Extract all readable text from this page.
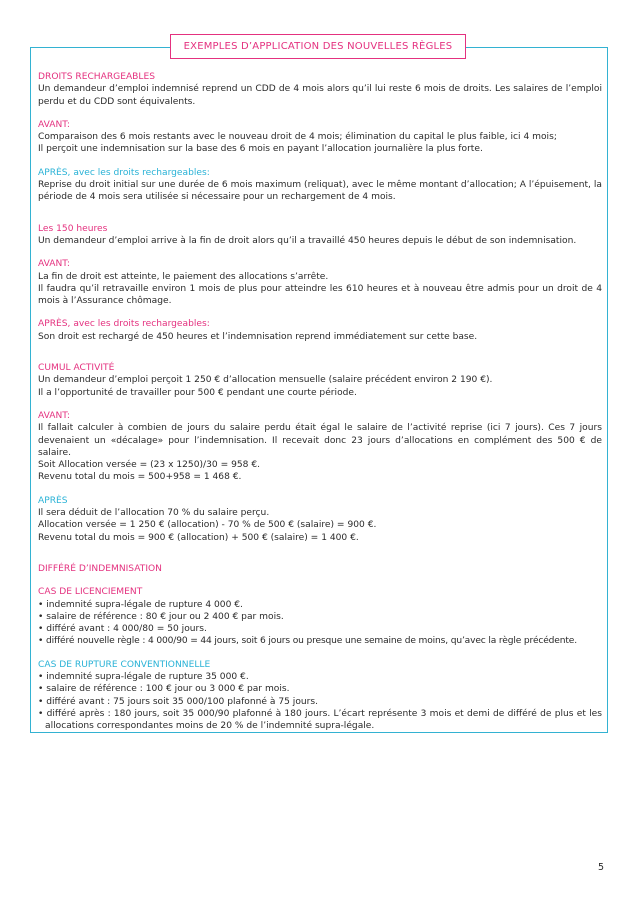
EXEMPLES D’APPLICATION DES NOUVELLES RÈGLES

DROITS RECHARGEABLES

Un demandeur d’emploi indemnisé reprend un CDD de 4 mois alors qu’il lui reste 6 mois de droits. Les salaires de l’emploi perdu et du CDD sont équivalents.

AVANT:

Comparaison des 6 mois restants avec le nouveau droit de 4 mois; élimination du capital le plus faible, ici 4 mois;

Il perçoit une indemnisation sur la base des 6 mois en payant l’allocation journalière la plus forte.

APRÈS, avec les droits rechargeables:

Reprise du droit initial sur une durée de 6 mois maximum (reliquat), avec le même montant d’allocation; A l’épuisement, la période de 4 mois sera utilisée si nécessaire pour un rechargement de 4 mois.

Les 150 heures

Un demandeur d’emploi arrive à la fin de droit alors qu’il a travaillé 450 heures depuis le début de son indemnisation.

AVANT:

La fin de droit est atteinte, le paiement des allocations s’arrête.

Il faudra qu’il retravaille environ 1 mois de plus pour atteindre les 610 heures et à nouveau être admis pour un droit de 4 mois à l’Assurance chômage.

APRÈS, avec les droits rechargeables:

Son droit est rechargé de 450 heures et l’indemnisation reprend immédiatement sur cette base.

CUMUL ACTIVITÉ

Un demandeur d’emploi perçoit 1 250 € d’allocation mensuelle (salaire précédent environ 2 190 €).

Il a l’opportunité de travailler pour 500 € pendant une courte période.

AVANT:

Il fallait calculer à combien de jours du salaire perdu était égal le salaire de l’activité reprise (ici 7 jours). Ces 7 jours devenaient un «décalage» pour l’indemnisation. Il recevait donc 23 jours d’allocations en complément des 500 € de salaire.

Soit Allocation versée = (23 x 1250)/30 = 958 €.

Revenu total du mois = 500+958 = 1 468 €.

APRÈS

Il sera déduit de l’allocation 70 % du salaire perçu.

Allocation versée = 1 250 € (allocation) - 70 % de 500 € (salaire) = 900 €.

Revenu total du mois = 900 € (allocation) + 500 € (salaire) = 1 400 €.

DIFFÉRÉ D’INDEMNISATION

CAS DE LICENCIEMENT

• indemnité supra-légale de rupture 4 000 €.

• salaire de référence : 80 € jour ou 2 400 € par mois.

• différé avant : 4 000/80 = 50 jours.

• différé nouvelle règle : 4 000/90 = 44 jours, soit 6 jours ou presque une semaine de moins, qu’avec la règle précédente.

CAS DE RUPTURE CONVENTIONNELLE

• indemnité supra-légale de rupture 35 000 €.

• salaire de référence : 100 € jour ou 3 000 € par mois.

• différé avant : 75 jours soit 35 000/100 plafonné à 75 jours.

• différé après : 180 jours, soit 35 000/90 plafonné à 180 jours. L’écart représente 3 mois et demi de différé de plus et les allocations correspondantes moins de 20 % de l’indemnité supra-légale.

5
